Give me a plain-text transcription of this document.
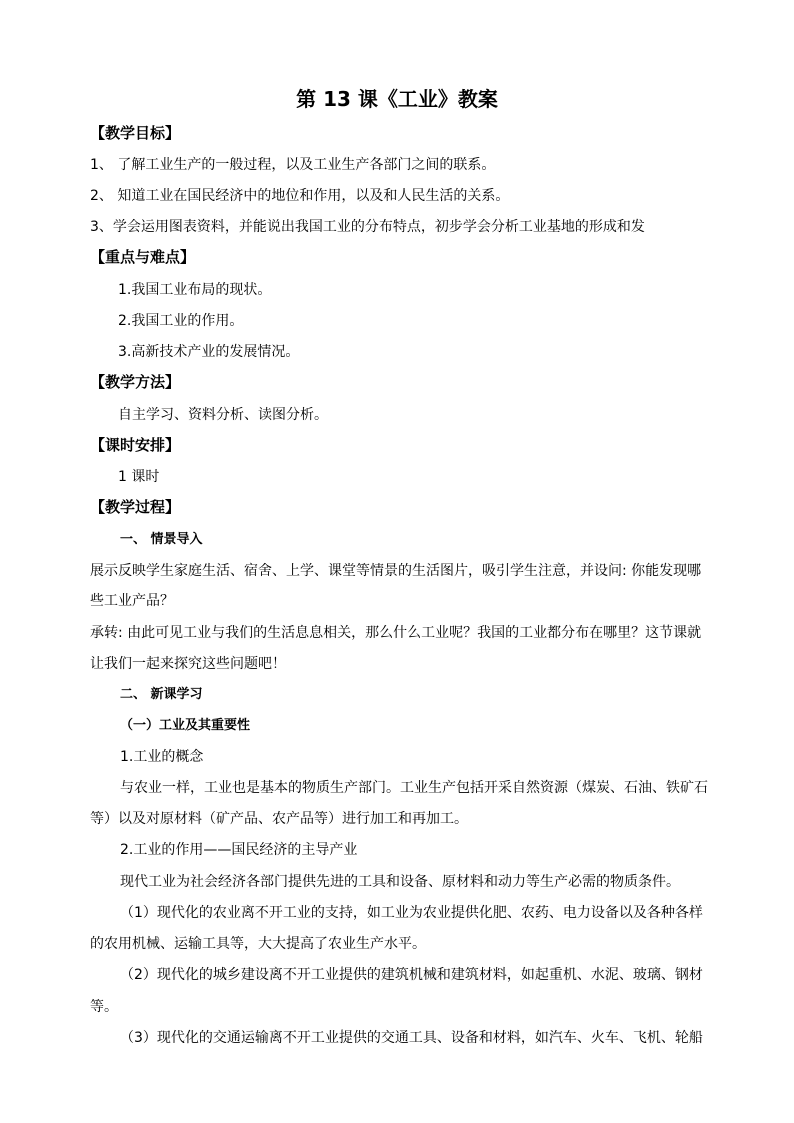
第 13 课《工业》教案
【教学目标】
1、 了解工业生产的一般过程，以及工业生产各部门之间的联系。
2、 知道工业在国民经济中的地位和作用，以及和人民生活的关系。
3、学会运用图表资料，并能说出我国工业的分布特点，初步学会分析工业基地的形成和发
【重点与难点】
1.我国工业布局的现状。
2.我国工业的作用。
3.高新技术产业的发展情况。
【教学方法】
自主学习、资料分析、读图分析。
【课时安排】
1 课时
【教学过程】
一、 情景导入
展示反映学生家庭生活、宿舍、上学、课堂等情景的生活图片，吸引学生注意，并设问: 你能发现哪
些工业产品？
承转: 由此可见工业与我们的生活息息相关，那么什么工业呢？我国的工业都分布在哪里？这节课就
让我们一起来探究这些问题吧！
二、 新课学习
（一）工业及其重要性
1.工业的概念
与农业一样，工业也是基本的物质生产部门。工业生产包括开采自然资源（煤炭、石油、铁矿石
等）以及对原材料（矿产品、农产品等）进行加工和再加工。
2.工业的作用——国民经济的主导产业
现代工业为社会经济各部门提供先进的工具和设备、原材料和动力等生产必需的物质条件。
（1）现代化的农业离不开工业的支持，如工业为农业提供化肥、农药、电力设备以及各种各样
的农用机械、运输工具等，大大提高了农业生产水平。
（2）现代化的城乡建设离不开工业提供的建筑机械和建筑材料，如起重机、水泥、玻璃、钢材
等。
（3）现代化的交通运输离不开工业提供的交通工具、设备和材料，如汽车、火车、飞机、轮船
